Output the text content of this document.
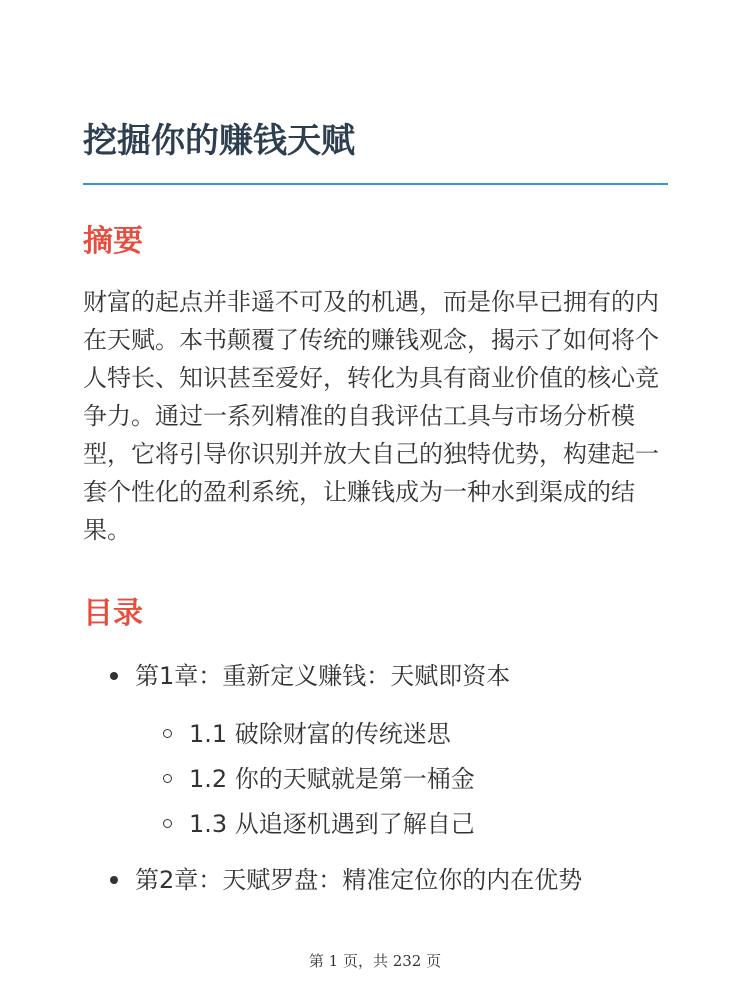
挖掘你的赚钱天赋
摘要

财富的起点并非遥不可及的机遇，而是你早已拥有的内在天赋。本书颠覆了传统的赚钱观念，揭示了如何将个人特长、知识甚至爱好，转化为具有商业价值的核心竞争力。通过一系列精准的自我评估工具与市场分析模型，它将引导你识别并放大自己的独特优势，构建起一套个性化的盈利系统，让赚钱成为一种水到渠成的结果。

目录
第1章：重新定义赚钱：天赋即资本
1.1 破除财富的传统迷思
1.2 你的天赋就是第一桶金
1.3 从追逐机遇到了解自己
第2章：天赋罗盘：精准定位你的内在优势
第 1 页，共 232 页
